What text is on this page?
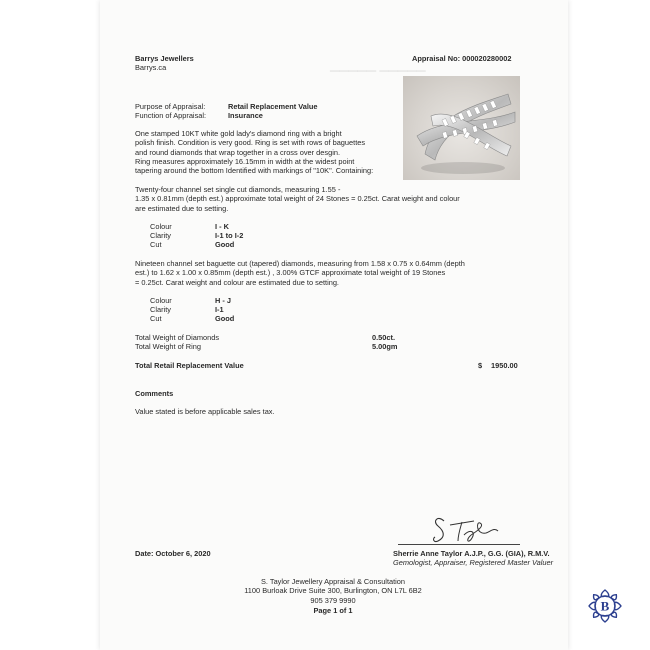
▁▁▁▁▁ ▁▁▁▁▁
Barrys Jewellers
Barrys.ca
Appraisal No: 000020280002
Purpose of Appraisal:	Retail Replacement Value
Function of Appraisal:	Insurance
One stamped 10KT white gold lady's diamond ring with a bright
polish finish. Condition is very good. Ring is set with rows of baguettes
and round diamonds that wrap together in a cross over desgin.
Ring measures approximately 16.15mm in width at the widest point
tapering around the bottom Identified with markings of "10K". Containing:
Twenty-four channel set single cut diamonds, measuring 1.55 -
1.35 x 0.81mm (depth est.) approximate total weight of 24 Stones = 0.25ct. Carat weight and colour
are estimated due to setting.
Colour	I - K
Clarity	I-1 to I-2
Cut	Good
Nineteen channel set baguette cut (tapered) diamonds, measuring from 1.58 x 0.75 x 0.64mm (depth
est.) to 1.62 x 1.00 x 0.85mm (depth est.) , 3.00% GTCF approximate total weight of 19 Stones
= 0.25ct. Carat weight and colour are estimated due to setting.
Colour	H - J
Clarity	I-1
Cut	Good
Total Weight of Diamonds	0.50ct.
Total Weight of Ring	5.00gm
Total Retail Replacement Value	$ 1950.00
Comments
Value stated is before applicable sales tax.
Date: October 6, 2020	Sherrie Anne Taylor A.J.P., G.G. (GIA), R.M.V.
Gemologist, Appraiser, Registered Master Valuer
S. Taylor Jewellery Appraisal & Consultation
1100 Burloak Drive Suite 300, Burlington, ON L7L 6B2
905 379 9990
Page 1 of 1	B
